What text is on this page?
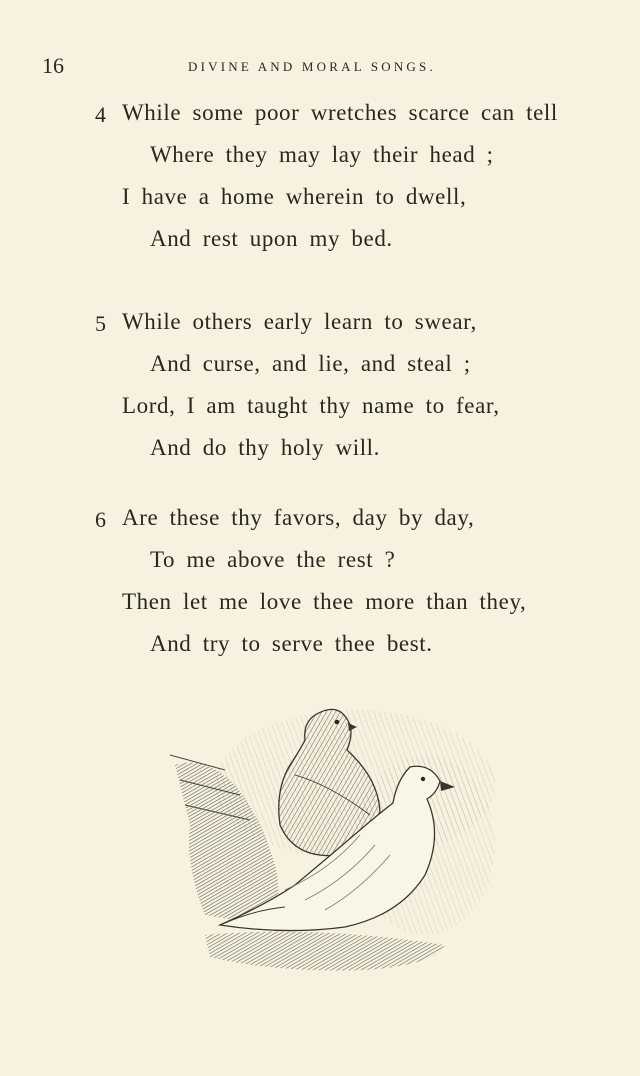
16	DIVINE AND MORAL SONGS.
4 While some poor wretches scarce can tell
Where they may lay their head ;
I have a home wherein to dwell,
And rest upon my bed.
5 While others early learn to swear,
And curse, and lie, and steal ;
Lord, I am taught thy name to fear,
And do thy holy will.
6 Are these thy favors, day by day,
To me above the rest ?
Then let me love thee more than they,
And try to serve thee best.
